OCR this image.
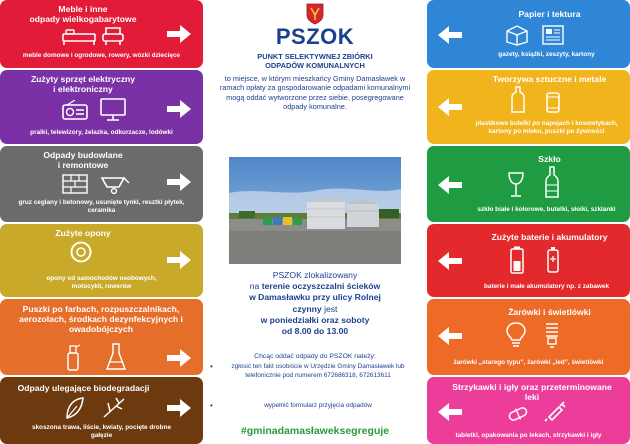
Meble i inne
odpady wielkogabarytowe
meble domowe i ogrodowe, rowery, wózki dziecięce
Zużyty sprzęt elektryczny
i elektroniczny
pralki, telewizory, żelazka, odkurzacze, lodówki
Odpady budowlane
i remontowe
gruz ceglany i betonowy, usunięte tynki, resztki płytek, ceramika
Zużyte opony
opony od samochodów osobowych, motocykli, rowerów
Puszki po farbach, rozpuszczalnikach, aerozolach, środkach dezynfekcyjnych i owadobójczych
Odpady ulegające biodegradacji
skoszona trawa, liście, kwiaty, pocięte drobne gałęzie
PSZOK
PUNKT SELEKTYWNEJ ZBIÓRKI
ODPADÓW KOMUNALNYCH
to miejsce, w którym mieszkańcy Gminy Damasławek w ramach opłaty za gospodarowanie odpadami komunalnymi mogą oddać wytworzone przez siebie, posegregowane odpady komunalne.
PSZOK zlokalizowany
na terenie oczyszczalni ścieków
w Damasławku przy ulicy Rolnej
czynny jest
w poniedziałki oraz soboty
od 8.00 do 13.00
Chcąc oddać odpady do PSZOK należy:
•	zgłosić ten fakt osobiście w Urzędzie Gminy Damasławek lub telefonicznie pod numerem 672686318, 672613611
•	wypełnić formularz przyjęcia odpadów
#gminadamasławeksegreguje
Papier i tektura
gazety, książki, zeszyty, kartony
Tworzywa sztuczne i metale
plastikowe butelki po napojach i kosmetykach, kartony po mleku, puszki po żywności
Szkło
szkło białe i kolorowe, butelki, słoiki, szklanki
Zużyte baterie i akumulatory
baterie i małe akumulatory np. z zabawek
Żarówki i świetlówki
żarówki „starego typu”, żarówki „led”, świetlówki
Strzykawki i igły oraz przeterminowane leki
tabletki, opakowania po lekach, strzykawki i igły
